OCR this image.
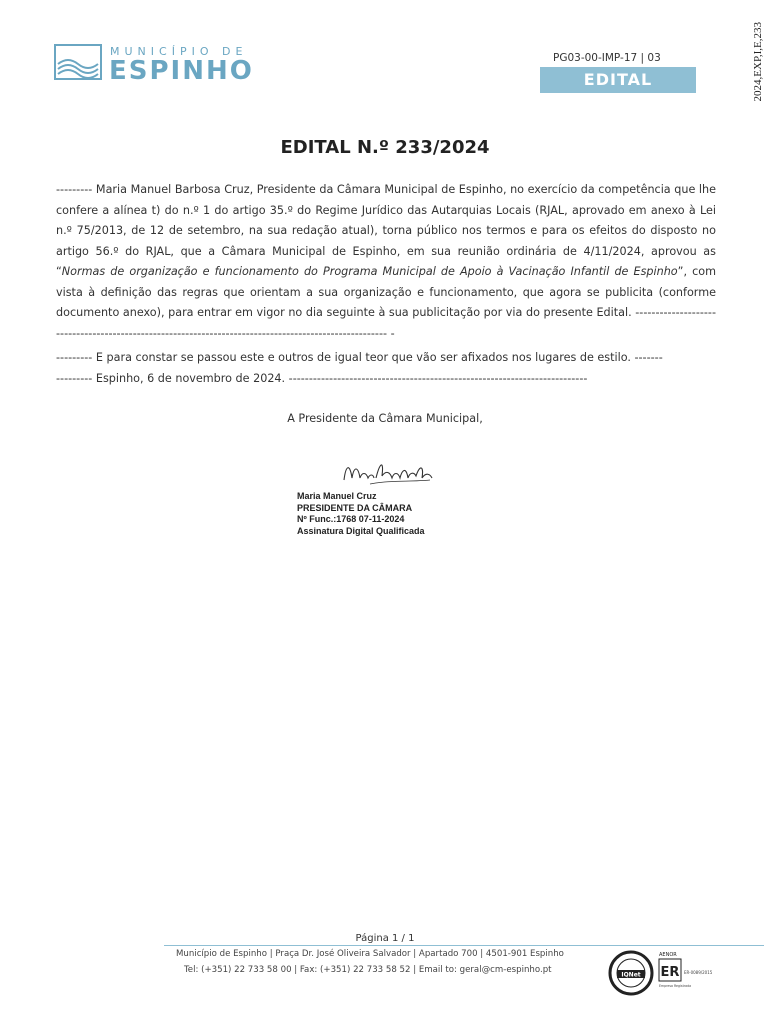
2024,EXP,I,E,233
MUNICÍPIO DE
ESPINHO	PG03-00-IMP-17 | 03
EDITAL
EDITAL N.º 233/2024

--------- Maria Manuel Barbosa Cruz, Presidente da Câmara Municipal de Espinho, no exercício da competência que lhe confere a alínea t) do n.º 1 do artigo 35.º do Regime Jurídico das Autarquias Locais (RJAL, aprovado em anexo à Lei n.º 75/2013, de 12 de setembro, na sua redação atual), torna público nos termos e para os efeitos do disposto no artigo 56.º do RJAL, que a Câmara Municipal de Espinho, em sua reunião ordinária de 4/11/2024, aprovou as “Normas de organização e funcionamento do Programa Municipal de Apoio à Vacinação Infantil de Espinho”, com vista à definição das regras que orientam a sua organização e funcionamento, que agora se publicita (conforme documento anexo), para entrar em vigor no dia seguinte à sua publicitação por via do presente Edital. ------------------------------------------------------------------------------------------------------ -

--------- E para constar se passou este e outros de igual teor que vão ser afixados nos lugares de estilo. -------

--------- Espinho, 6 de novembro de 2024. --------------------------------------------------------------------------

A Presidente da Câmara Municipal,
Maria Manuel Cruz
PRESIDENTE DA CÂMARA
Nº Func.:1768 07-11-2024
Assinatura Digital Qualificada
Página 1 / 1
Município de Espinho | Praça Dr. José Oliveira Salvador | Apartado 700 | 4501-901 Espinho
Tel: (+351) 22 733 58 00 | Fax: (+351) 22 733 58 52 | Email to: geral@cm-espinho.pt	IQNet
AENOR
ER
Empresa Registrada
ER-0089/2015
